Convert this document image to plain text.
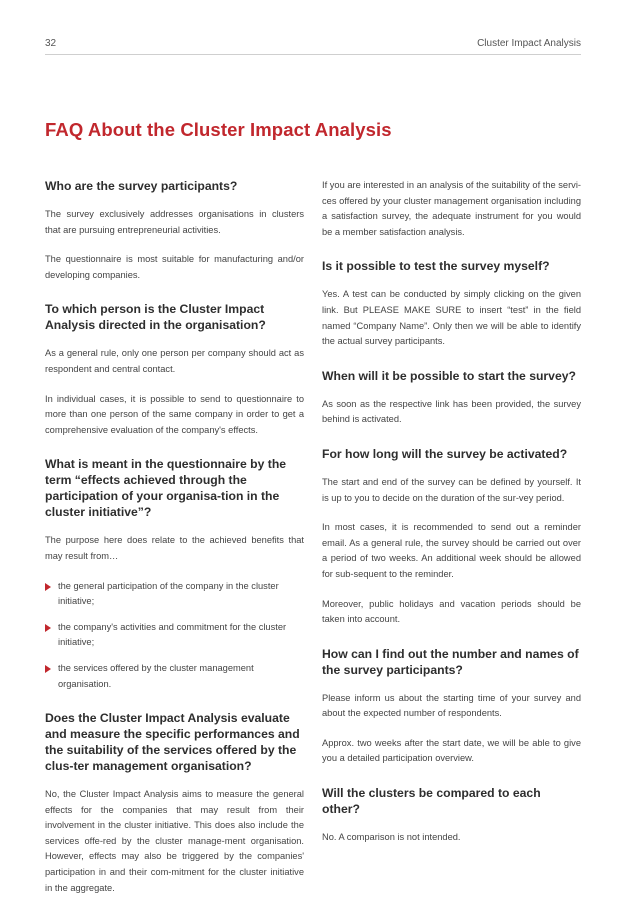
32	Cluster Impact Analysis
FAQ About the Cluster Impact Analysis
Who are the survey participants?

The survey exclusively addresses organisations in clusters that are pursuing entrepreneurial activities.

The questionnaire is most suitable for manufacturing and/or developing companies.

To which person is the Cluster Impact Analysis directed in the organisation?

As a general rule, only one person per company should act as respondent and central contact.

In individual cases, it is possible to send to questionnaire to more than one person of the same company in order to get a comprehensive evaluation of the company's effects.

What is meant in the questionnaire by the term “effects achieved through the participation of your organisa-tion in the cluster initiative”?

The purpose here does relate to the achieved benefits that may result from…

the general participation of the company in the cluster initiative;
the company's activities and commitment for the cluster initiative;
the services offered by the cluster management organisation.
Does the Cluster Impact Analysis evaluate and measure the specific performances and the suitability of the services offered by the clus-ter management organisation?

No, the Cluster Impact Analysis aims to measure the general effects for the companies that may result from their involvement in the cluster initiative. This does also include the services offe-red by the cluster manage-ment organisation. However, effects may also be triggered by the companies' participation in and their com-mitment for the cluster initiative in the aggregate.

If you are interested in an analysis of the suitability of the servi-ces offered by your cluster management organisation including a satisfaction survey, the adequate instrument for you would be a member satisfaction analysis.

Is it possible to test the survey myself?

Yes. A test can be conducted by simply clicking on the given link. But PLEASE MAKE SURE to insert “test” in the field named “Company Name”. Only then we will be able to identify the actual survey participants.

When will it be possible to start the survey?

As soon as the respective link has been provided, the survey behind is activated.

For how long will the survey be activated?

The start and end of the survey can be defined by yourself. It is up to you to decide on the duration of the sur-vey period.

In most cases, it is recommended to send out a reminder email. As a general rule, the survey should be carried out over a period of two weeks. An additional week should be allowed for sub-sequent to the reminder.

Moreover, public holidays and vacation periods should be taken into account.

How can I find out the number and names of the survey participants?

Please inform us about the starting time of your survey and about the expected number of respondents.

Approx. two weeks after the start date, we will be able to give you a detailed participation overview.

Will the clusters be compared to each other?

No. A comparison is not intended.
